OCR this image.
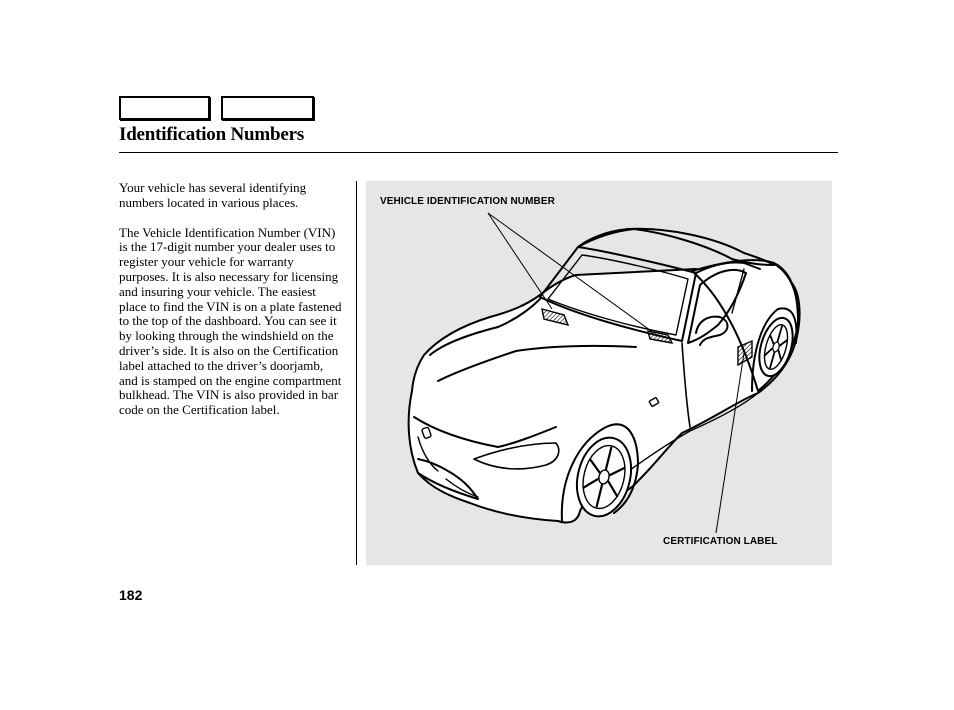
Identification Numbers

Your vehicle has several identifying numbers located in various places.

The Vehicle Identification Number (VIN) is the 17-digit number your dealer uses to register your vehicle for warranty purposes. It is also necessary for licensing and insuring your vehicle. The easiest place to find the VIN is on a plate fastened to the top of the dashboard. You can see it by looking through the windshield on the driver’s side. It is also on the Certification label attached to the driver’s doorjamb, and is stamped on the engine compartment bulkhead. The VIN is also provided in bar code on the Certification label.

VEHICLE IDENTIFICATION NUMBER
CERTIFICATION LABEL
182
